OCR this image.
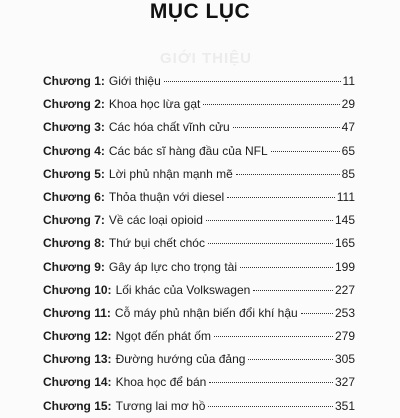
GIỚI THIỆU
MỤC LỤC
Chương 1: Giới thiệu	11
Chương 2: Khoa học lừa gạt	29
Chương 3: Các hóa chất vĩnh cửu	47
Chương 4: Các bác sĩ hàng đầu của NFL	65
Chương 5: Lời phủ nhận mạnh mẽ	85
Chương 6: Thỏa thuận với diesel	111
Chương 7: Về các loại opioid	145
Chương 8: Thứ bụi chết chóc	165
Chương 9: Gây áp lực cho trọng tài	199
Chương 10: Lối khác của Volkswagen	227
Chương 11: Cỗ máy phủ nhận biến đổi khí hậu	253
Chương 12: Ngọt đến phát ốm	279
Chương 13: Đường hướng của đảng	305
Chương 14: Khoa học để bán	327
Chương 15: Tương lai mơ hồ	351
